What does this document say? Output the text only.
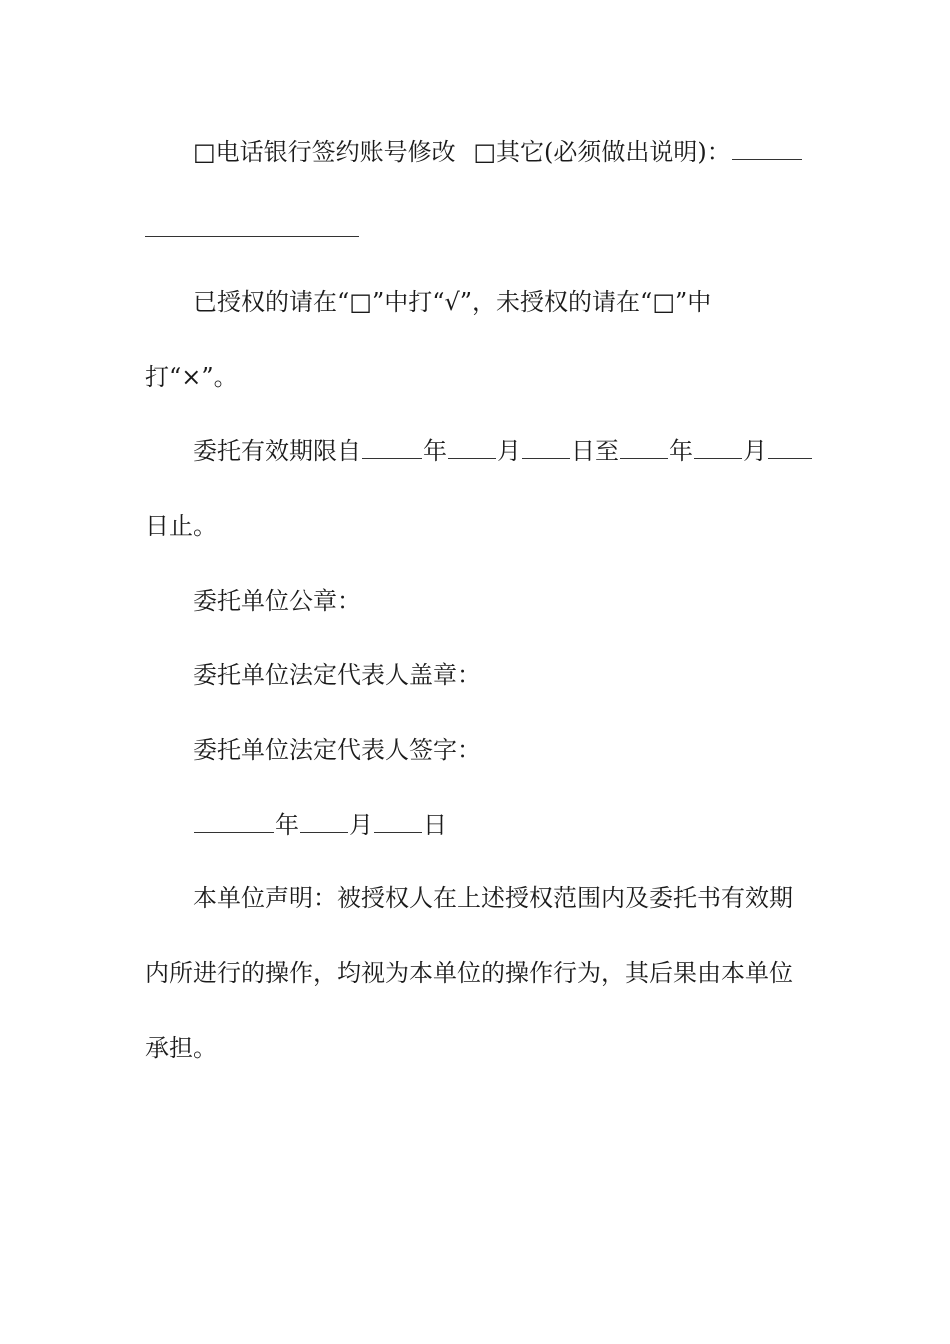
□电话银行签约账号修改 □其它(必须做出说明)：
已授权的请在“□”中打“√”，未授权的请在“□”中
打“×”。
委托有效期限自	年 月 日至 年 月
日止。
委托单位公章：
委托单位法定代表人盖章：
委托单位法定代表人签字：
年 月 日
本单位声明：被授权人在上述授权范围内及委托书有效期
内所进行的操作，均视为本单位的操作行为，其后果由本单位
承担。
